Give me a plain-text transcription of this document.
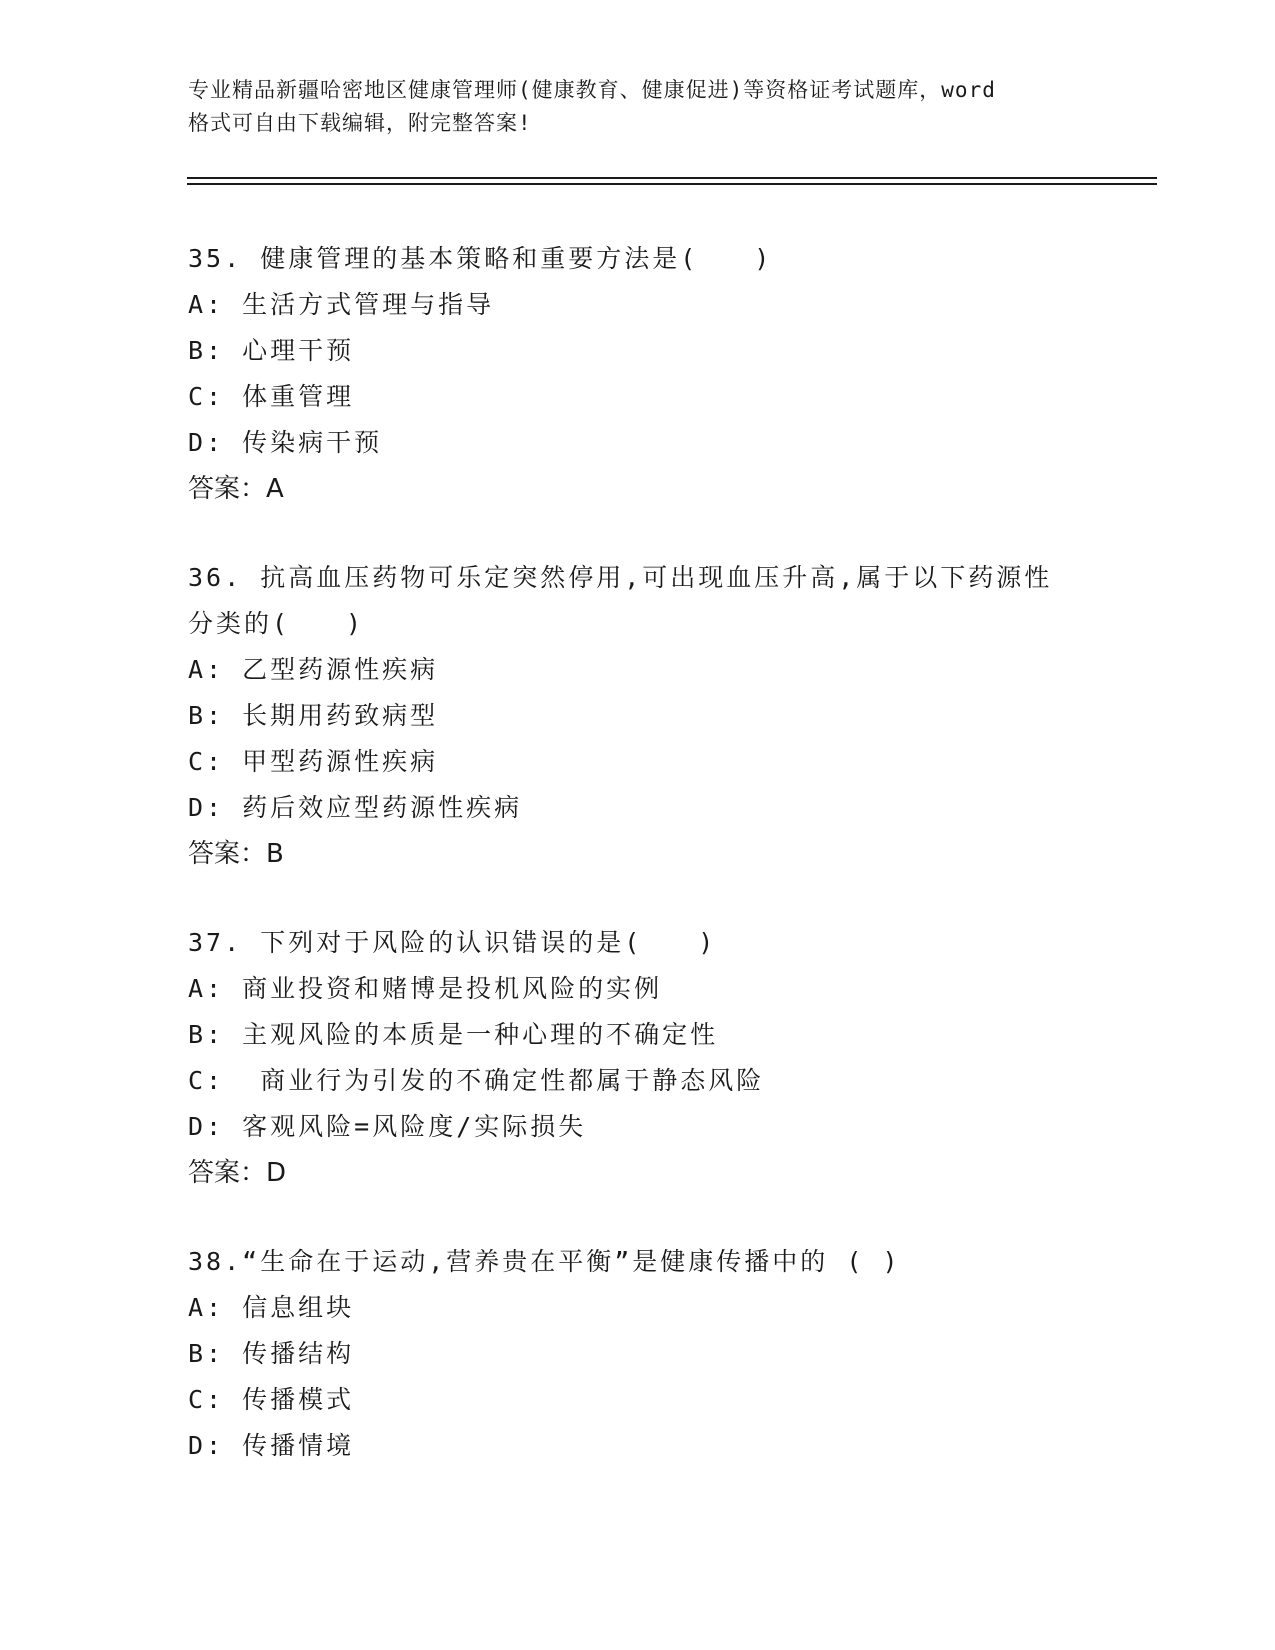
专业精品新疆哈密地区健康管理师(健康教育、健康促进)等资格证考试题库，word
格式可自由下载编辑，附完整答案!

35. 健康管理的基本策略和重要方法是(　　)

A: 生活方式管理与指导

B: 心理干预

C: 体重管理

D: 传染病干预

答案：A

36. 抗高血压药物可乐定突然停用,可出现血压升高,属于以下药源性

分类的(　　)

A: 乙型药源性疾病

B: 长期用药致病型

C: 甲型药源性疾病

D: 药后效应型药源性疾病

答案：B

37. 下列对于风险的认识错误的是(　　)

A: 商业投资和赌博是投机风险的实例

B: 主观风险的本质是一种心理的不确定性

C:  商业行为引发的不确定性都属于静态风险

D: 客观风险=风险度/实际损失

答案：D

38.“生命在于运动,营养贵在平衡”是健康传播中的 ( )

A: 信息组块

B: 传播结构

C: 传播模式

D: 传播情境
